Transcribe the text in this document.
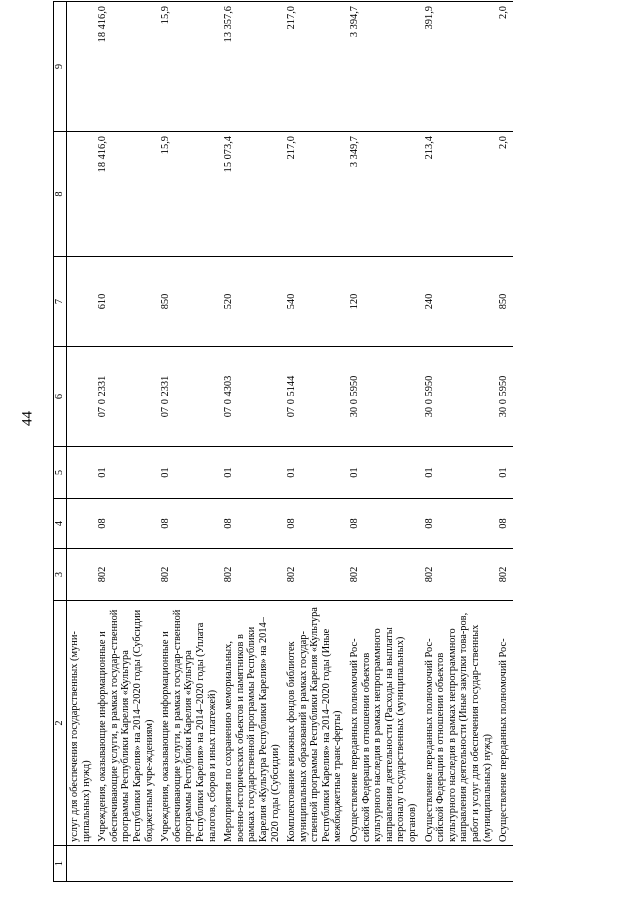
44
1	2	3	4	5	6	7	8	9
	услуг для обеспечения государственных (муни-ципальных) нужд)							
	Учреждения, оказывающие информационные и обеспечивающие услуги, в рамках государ-ственной программы Республики Карелия «Культура Республики Карелия» на 2014–2020 годы (Субсидии бюджетным учре-ждениям)	802	08	01	07 0 2331	610	18 416,0	18 416,0
	Учреждения, оказывающие информационные и обеспечивающие услуги, в рамках государ-ственной программы Республики Карелия «Культура Республики Карелия» на 2014–2020 годы (Уплата налогов, сборов и иных платежей)	802	08	01	07 0 2331	850	15,9	15,9
	Мероприятия по сохранению мемориальных, военно-исторических объектов и памятников в рамках государственной программы Республики Карелия «Культура Республики Карелия» на 2014–2020 годы (Субсидии)	802	08	01	07 0 4303	520	15 073,4	13 357,6
	Комплектование книжных фондов библиотек муниципальных образований в рамках государ-ственной программы Республики Карелия «Культура Республики Карелия» на 2014–2020 годы (Иные межбюджетные транс-ферты)	802	08	01	07 0 5144	540	217,0	217,0
	Осуществление переданных полномочий Рос-сийской Федерации в отношении объектов культурного наследия в рамках непрограммного направления деятельности (Расходы на выплаты персоналу государственных (муниципальных) органов)	802	08	01	30 0 5950	120	3 349,7	3 394,7
	Осуществление переданных полномочий Рос-сийской Федерации в отношении объектов культурного наследия в рамках непрограммного направления деятельности (Иные закупки това-ров, работ и услуг для обеспечения государ-ственных (муниципальных) нужд)	802	08	01	30 0 5950	240	213,4	391,9
	Осуществление переданных полномочий Рос-	802	08	01	30 0 5950	850	2,0	2,0
